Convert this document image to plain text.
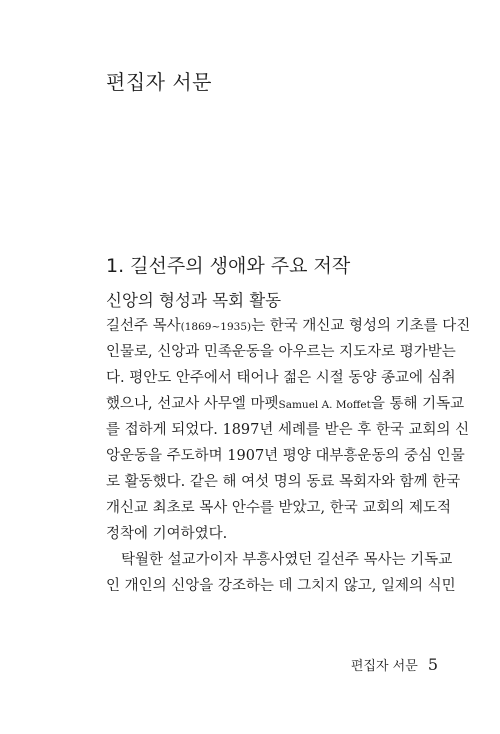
편집자 서문
1. 길선주의 생애와 주요 저작
신앙의 형성과 목회 활동
길선주 목사(1869~1935)는 한국 개신교 형성의 기초를 다진
인물로, 신앙과 민족운동을 아우르는 지도자로 평가받는
다. 평안도 안주에서 태어나 젊은 시절 동양 종교에 심취
했으나, 선교사 사무엘 마펫Samuel A. Moffet을 통해 기독교
를 접하게 되었다. 1897년 세례를 받은 후 한국 교회의 신
앙운동을 주도하며 1907년 평양 대부흥운동의 중심 인물
로 활동했다. 같은 해 여섯 명의 동료 목회자와 함께 한국
개신교 최초로 목사 안수를 받았고, 한국 교회의 제도적
정착에 기여하였다.
탁월한 설교가이자 부흥사였던 길선주 목사는 기독교
인 개인의 신앙을 강조하는 데 그치지 않고, 일제의 식민
편집자 서문 5
